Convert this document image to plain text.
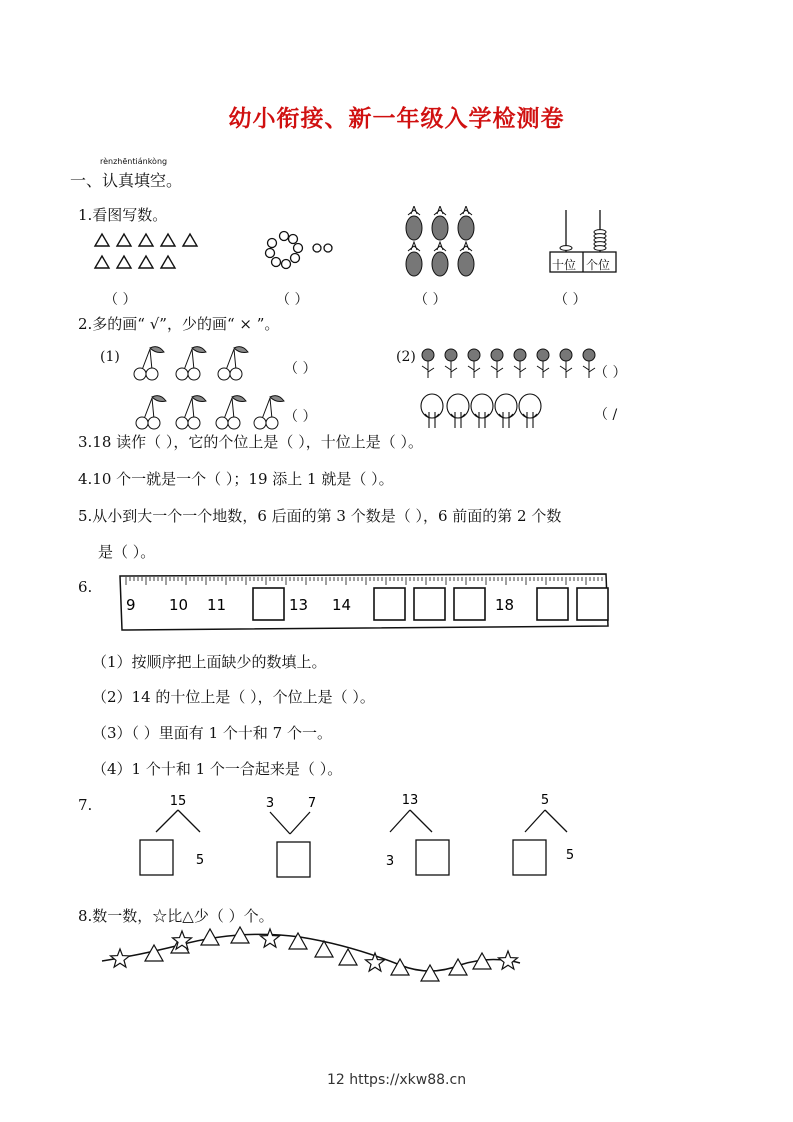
幼小衔接、新一年级入学检测卷
rènzhēntiánkòng
一、认真填空。
1.看图写数。
十位 个位
（ ）	（ ）	（ ）	（ ）
2.多的画“ √”，少的画“ × ”。
(1)
（ ）
（ ）
(2)
（ ）
（ /
3.18 读作（ ），它的个位上是（ ），十位上是（ ）。
4.10 个一就是一个（ ）；19 添上 1 就是（ ）。
5.从小到大一个一个地数，6 后面的第 3 个数是（ ），6 前面的第 2 个数
是（ ）。
6.
9 10 11	13 14	18
（1）按顺序把上面缺少的数填上。
（2）14 的十位上是（ ），个位上是（ ）。
（3）（ ）里面有 1 个十和 7 个一。
（4）1 个十和 1 个一合起来是（ ）。
7.	15
5
3	7	13
3
5
5
8.数一数，☆比△少（ ）个。
12 https://xkw88.cn
